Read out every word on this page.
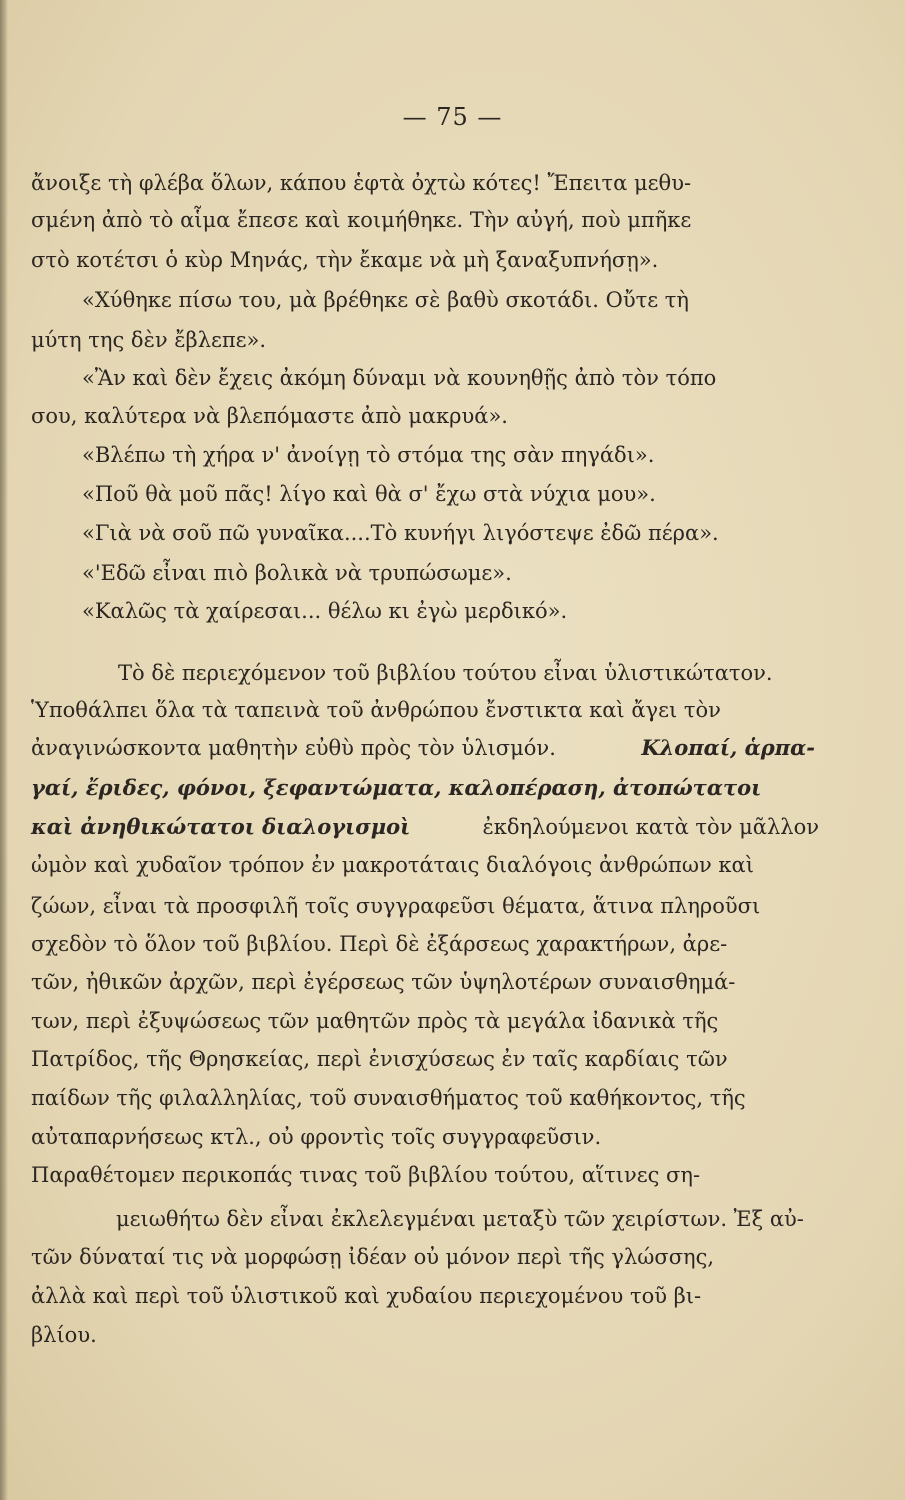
— 75 —
ἄνοιξε τὴ φλέβα ὅλων, κάπου ἑφτὰ ὀχτὼ κότες! Ἔπειτα μεθυ-
σμένη ἀπὸ τὸ αἷμα ἔπεσε καὶ κοιμήθηκε. Τὴν αὐγή, ποὺ μπῆκε
στὸ κοτέτσι ὁ κὺρ Μηνάς, τὴν ἔκαμε νὰ μὴ ξαναξυπνήσῃ».
«Χύθηκε πίσω του, μὰ βρέθηκε σὲ βαθὺ σκοτάδι. Οὔτε τὴ
μύτη της δὲν ἔβλεπε».
«Ἂν καὶ δὲν ἔχεις ἀκόμη δύναμι νὰ κουνηθῇς ἀπὸ τὸν τόπο
σου, καλύτερα νὰ βλεπόμαστε ἀπὸ μακρυά».
«Βλέπω τὴ χήρα ν' ἀνοίγῃ τὸ στόμα της σὰν πηγάδι».
«Ποῦ θὰ μοῦ πᾶς! λίγο καὶ θὰ σ' ἔχω στὰ νύχια μου».
«Γιὰ νὰ σοῦ πῶ γυναῖκα....Τὸ κυνήγι λιγόστεψε ἐδῶ πέρα».
«'Εδῶ εἶναι πιὸ βολικὰ νὰ τρυπώσωμε».
«Καλῶς τὰ χαίρεσαι... θέλω κι ἐγὼ μερδικό».
Τὸ δὲ περιεχόμενον τοῦ βιβλίου τούτου εἶναι ὑλιστικώτατον.
Ὑποθάλπει ὅλα τὰ ταπεινὰ τοῦ ἀνθρώπου ἔνστικτα καὶ ἄγει τὸν
ἀναγινώσκοντα μαθητὴν εὐθὺ πρὸς τὸν ὑλισμόν.	Κλοπαί, ἁρπα-
γαί, ἔριδες, φόνοι, ξεφαντώματα, καλοπέραση, ἀτοπώτατοι
καὶ ἀνηθικώτατοι διαλογισμοὶ	ἐκδηλούμενοι κατὰ τὸν μᾶλλον
ὠμὸν καὶ χυδαῖον τρόπον ἐν μακροτάταις διαλόγοις ἀνθρώπων καὶ
ζώων, εἶναι τὰ προσφιλῆ τοῖς συγγραφεῦσι θέματα, ἅτινα πληροῦσι
σχεδὸν τὸ ὅλον τοῦ βιβλίου. Περὶ δὲ ἐξάρσεως χαρακτήρων, ἀρε-
τῶν, ἠθικῶν ἀρχῶν, περὶ ἐγέρσεως τῶν ὑψηλοτέρων συναισθημά-
των, περὶ ἐξυψώσεως τῶν μαθητῶν πρὸς τὰ μεγάλα ἰδανικὰ τῆς
Πατρίδος, τῆς Θρησκείας, περὶ ἐνισχύσεως ἐν ταῖς καρδίαις τῶν
παίδων τῆς φιλαλληλίας, τοῦ συναισθήματος τοῦ καθήκοντος, τῆς
αὐταπαρνήσεως κτλ., οὐ φροντὶς τοῖς συγγραφεῦσιν.
Παραθέτομεν περικοπάς τινας τοῦ βιβλίου τούτου, αἵτινες ση-
μειωθήτω δὲν εἶναι ἐκλελεγμέναι μεταξὺ τῶν χειρίστων. Ἐξ αὐ-
τῶν δύναταί τις νὰ μορφώσῃ ἰδέαν οὐ μόνον περὶ τῆς γλώσσης,
ἀλλὰ καὶ περὶ τοῦ ὑλιστικοῦ καὶ χυδαίου περιεχομένου τοῦ βι-
βλίου.
